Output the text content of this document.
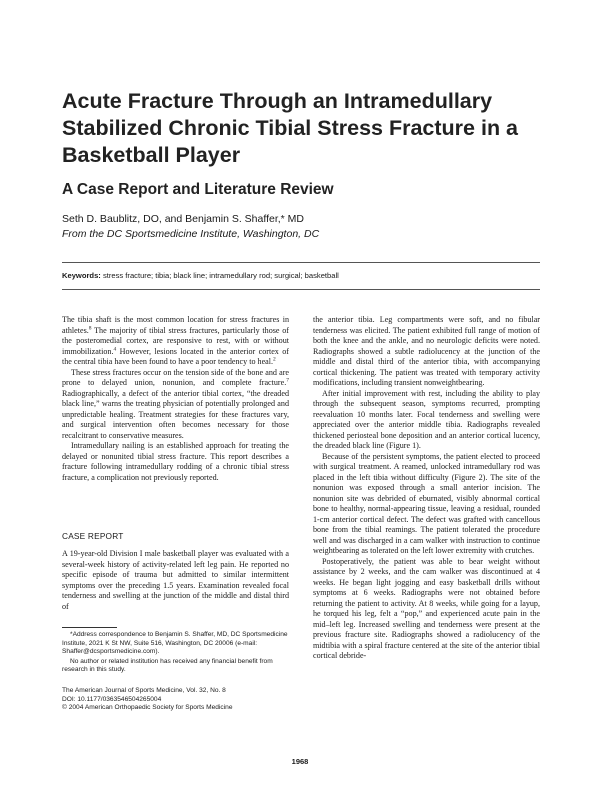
Acute Fracture Through an Intramedullary Stabilized Chronic Tibial Stress Fracture in a Basketball Player
A Case Report and Literature Review
Seth D. Baublitz, DO, and Benjamin S. Shaffer,* MD
From the DC Sportsmedicine Institute, Washington, DC
Keywords: stress fracture; tibia; black line; intramedullary rod; surgical; basketball

The tibia shaft is the most common location for stress fractures in athletes.$^8$ The majority of tibial stress fractures, particularly those of the posteromedial cortex, are responsive to rest, with or without immobilization.$^4$ However, lesions located in the anterior cortex of the central tibia have been found to have a poor tendency to heal.$^2$

These stress fractures occur on the tension side of the bone and are prone to delayed union, nonunion, and complete fracture.$^7$ Radiographically, a defect of the anterior tibial cortex, “the dreaded black line,” warns the treating physician of potentially prolonged and unpredictable healing. Treatment strategies for these fractures vary, and surgical intervention often becomes necessary for those recalcitrant to conservative measures.

Intramedullary nailing is an established approach for treating the delayed or nonunited tibial stress fracture. This report describes a fracture following intramedullary rodding of a chronic tibial stress fracture, a complication not previously reported.

CASE REPORT

A 19-year-old Division I male basketball player was evaluated with a several-week history of activity-related left leg pain. He reported no specific episode of trauma but admitted to similar intermittent symptoms over the preceding 1.5 years. Examination revealed focal tenderness and swelling at the junction of the middle and distal third of

*Address correspondence to Benjamin S. Shaffer, MD, DC Sportsmedicine Institute, 2021 K St NW, Suite 516, Washington, DC 20006 (e-mail: Shaffer@dcsportsmedicine.com).

No author or related institution has received any financial benefit from research in this study.

The American Journal of Sports Medicine, Vol. 32, No. 8
DOI: 10.1177/0363546504265004
© 2004 American Orthopaedic Society for Sports Medicine

the anterior tibia. Leg compartments were soft, and no fibular tenderness was elicited. The patient exhibited full range of motion of both the knee and the ankle, and no neurologic deficits were noted. Radiographs showed a subtle radiolucency at the junction of the middle and distal third of the anterior tibia, with accompanying cortical thickening. The patient was treated with temporary activity modifications, including transient nonweightbearing.

After initial improvement with rest, including the ability to play through the subsequent season, symptoms recurred, prompting reevaluation 10 months later. Focal tenderness and swelling were appreciated over the anterior middle tibia. Radiographs revealed thickened periosteal bone deposition and an anterior cortical lucency, the dreaded black line (Figure 1).

Because of the persistent symptoms, the patient elected to proceed with surgical treatment. A reamed, unlocked intramedullary rod was placed in the left tibia without difficulty (Figure 2). The site of the nonunion was exposed through a small anterior incision. The nonunion site was debrided of eburnated, visibly abnormal cortical bone to healthy, normal-appearing tissue, leaving a residual, rounded 1-cm anterior cortical defect. The defect was grafted with cancellous bone from the tibial reamings. The patient tolerated the procedure well and was discharged in a cam walker with instruction to continue weightbearing as tolerated on the left lower extremity with crutches.

Postoperatively, the patient was able to bear weight without assistance by 2 weeks, and the cam walker was discontinued at 4 weeks. He began light jogging and easy basketball drills without symptoms at 6 weeks. Radiographs were not obtained before returning the patient to activity. At 8 weeks, while going for a layup, he torqued his leg, felt a “pop,” and experienced acute pain in the mid–left leg. Increased swelling and tenderness were present at the previous fracture site. Radiographs showed a radiolucency of the midtibia with a spiral fracture centered at the site of the anterior tibial cortical debride-

1968
